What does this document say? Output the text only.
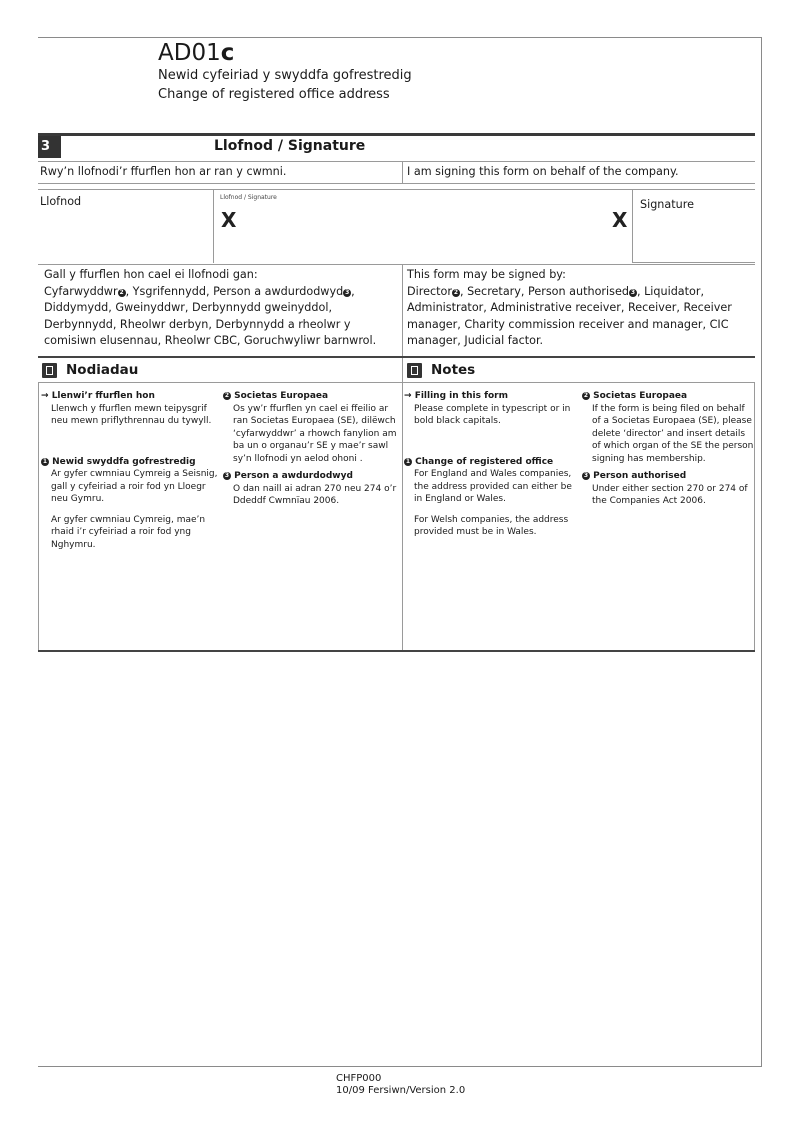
AD01c
Newid cyfeiriad y swyddfa gofrestredig
Change of registered office address
3	Llofnod / Signature
Rwy’n llofnodi’r ffurflen hon ar ran y cwmni.	I am signing this form on behalf of the company.
Llofnod	Llofnod / Signature
X	X
Signature
Gall y ffurflen hon cael ei llofnodi gan:
Cyfarwyddwr 2 , Ysgrifennydd, Person a awdurdodwyd 3 , Diddymydd, Gweinyddwr, Derbynnydd gweinyddol, Derbynnydd, Rheolwr derbyn, Derbynnydd a rheolwr y comisiwn elusennau, Rheolwr CBC, Goruchwyliwr barnwrol.
This form may be signed by:
Director 2 , Secretary, Person authorised 3 , Liquidator, Administrator, Administrative receiver, Receiver, Receiver manager, Charity commission receiver and manager, CIC manager, Judicial factor.
Nodiadau	Notes
→ Llenwi’r ffurflen hon
Llenwch y ffurflen mewn teipysgrif neu mewn priflythrennau du tywyll.
1 Newid swyddfa gofrestredig
Ar gyfer cwmniau Cymreig a Seisnig, gall y cyfeiriad a roir fod yn Lloegr neu Gymru.
Ar gyfer cwmniau Cymreig, mae’n rhaid i’r cyfeiriad a roir fod yng Nghymru.
2 Societas Europaea
Os yw’r ffurflen yn cael ei ffeilio ar ran Societas Europaea (SE), dilëwch ‘cyfarwyddwr’ a rhowch fanylion am ba un o organau’r SE y mae’r sawl sy’n llofnodi yn aelod ohoni .
3 Person a awdurdodwyd
O dan naill ai adran 270 neu 274 o’r Ddeddf Cwmnïau 2006.
→ Filling in this form
Please complete in typescript or in bold black capitals.
1 Change of registered office
For England and Wales companies, the address provided can either be in England or Wales.
For Welsh companies, the address provided must be in Wales.
2 Societas Europaea
If the form is being filed on behalf of a Societas Europaea (SE), please delete ‘director’ and insert details of which organ of the SE the person signing has membership.
3 Person authorised
Under either section 270 or 274 of the Companies Act 2006.
CHFP000
10/09 Fersiwn/Version 2.0
